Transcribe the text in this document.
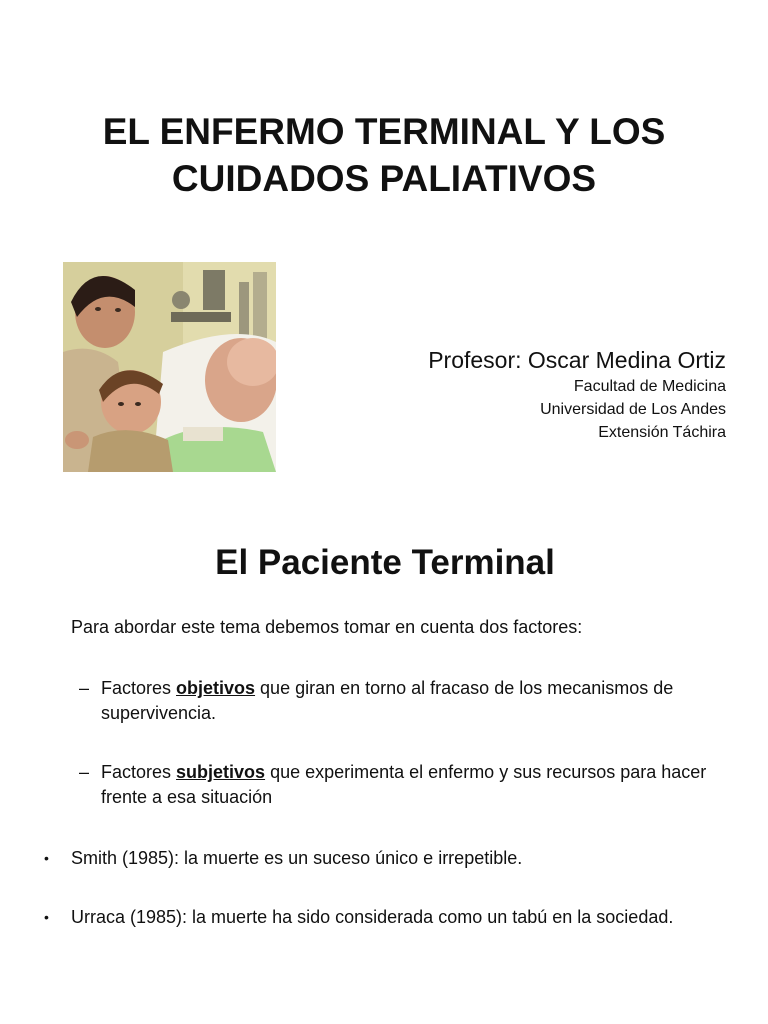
EL ENFERMO TERMINAL Y LOS
CUIDADOS PALIATIVOS
Profesor: Oscar Medina Ortiz
Facultad de Medicina
Universidad de Los Andes
Extensión Táchira
El Paciente Terminal
Para abordar este tema debemos tomar en cuenta dos factores:
– Factores objetivos que giran en torno al fracaso de los mecanismos de supervivencia.
– Factores subjetivos que experimenta el enfermo y sus recursos para hacer frente a esa situación
• Smith (1985): la muerte es un suceso único e irrepetible.
• Urraca (1985): la muerte ha sido considerada como un tabú en la sociedad.
